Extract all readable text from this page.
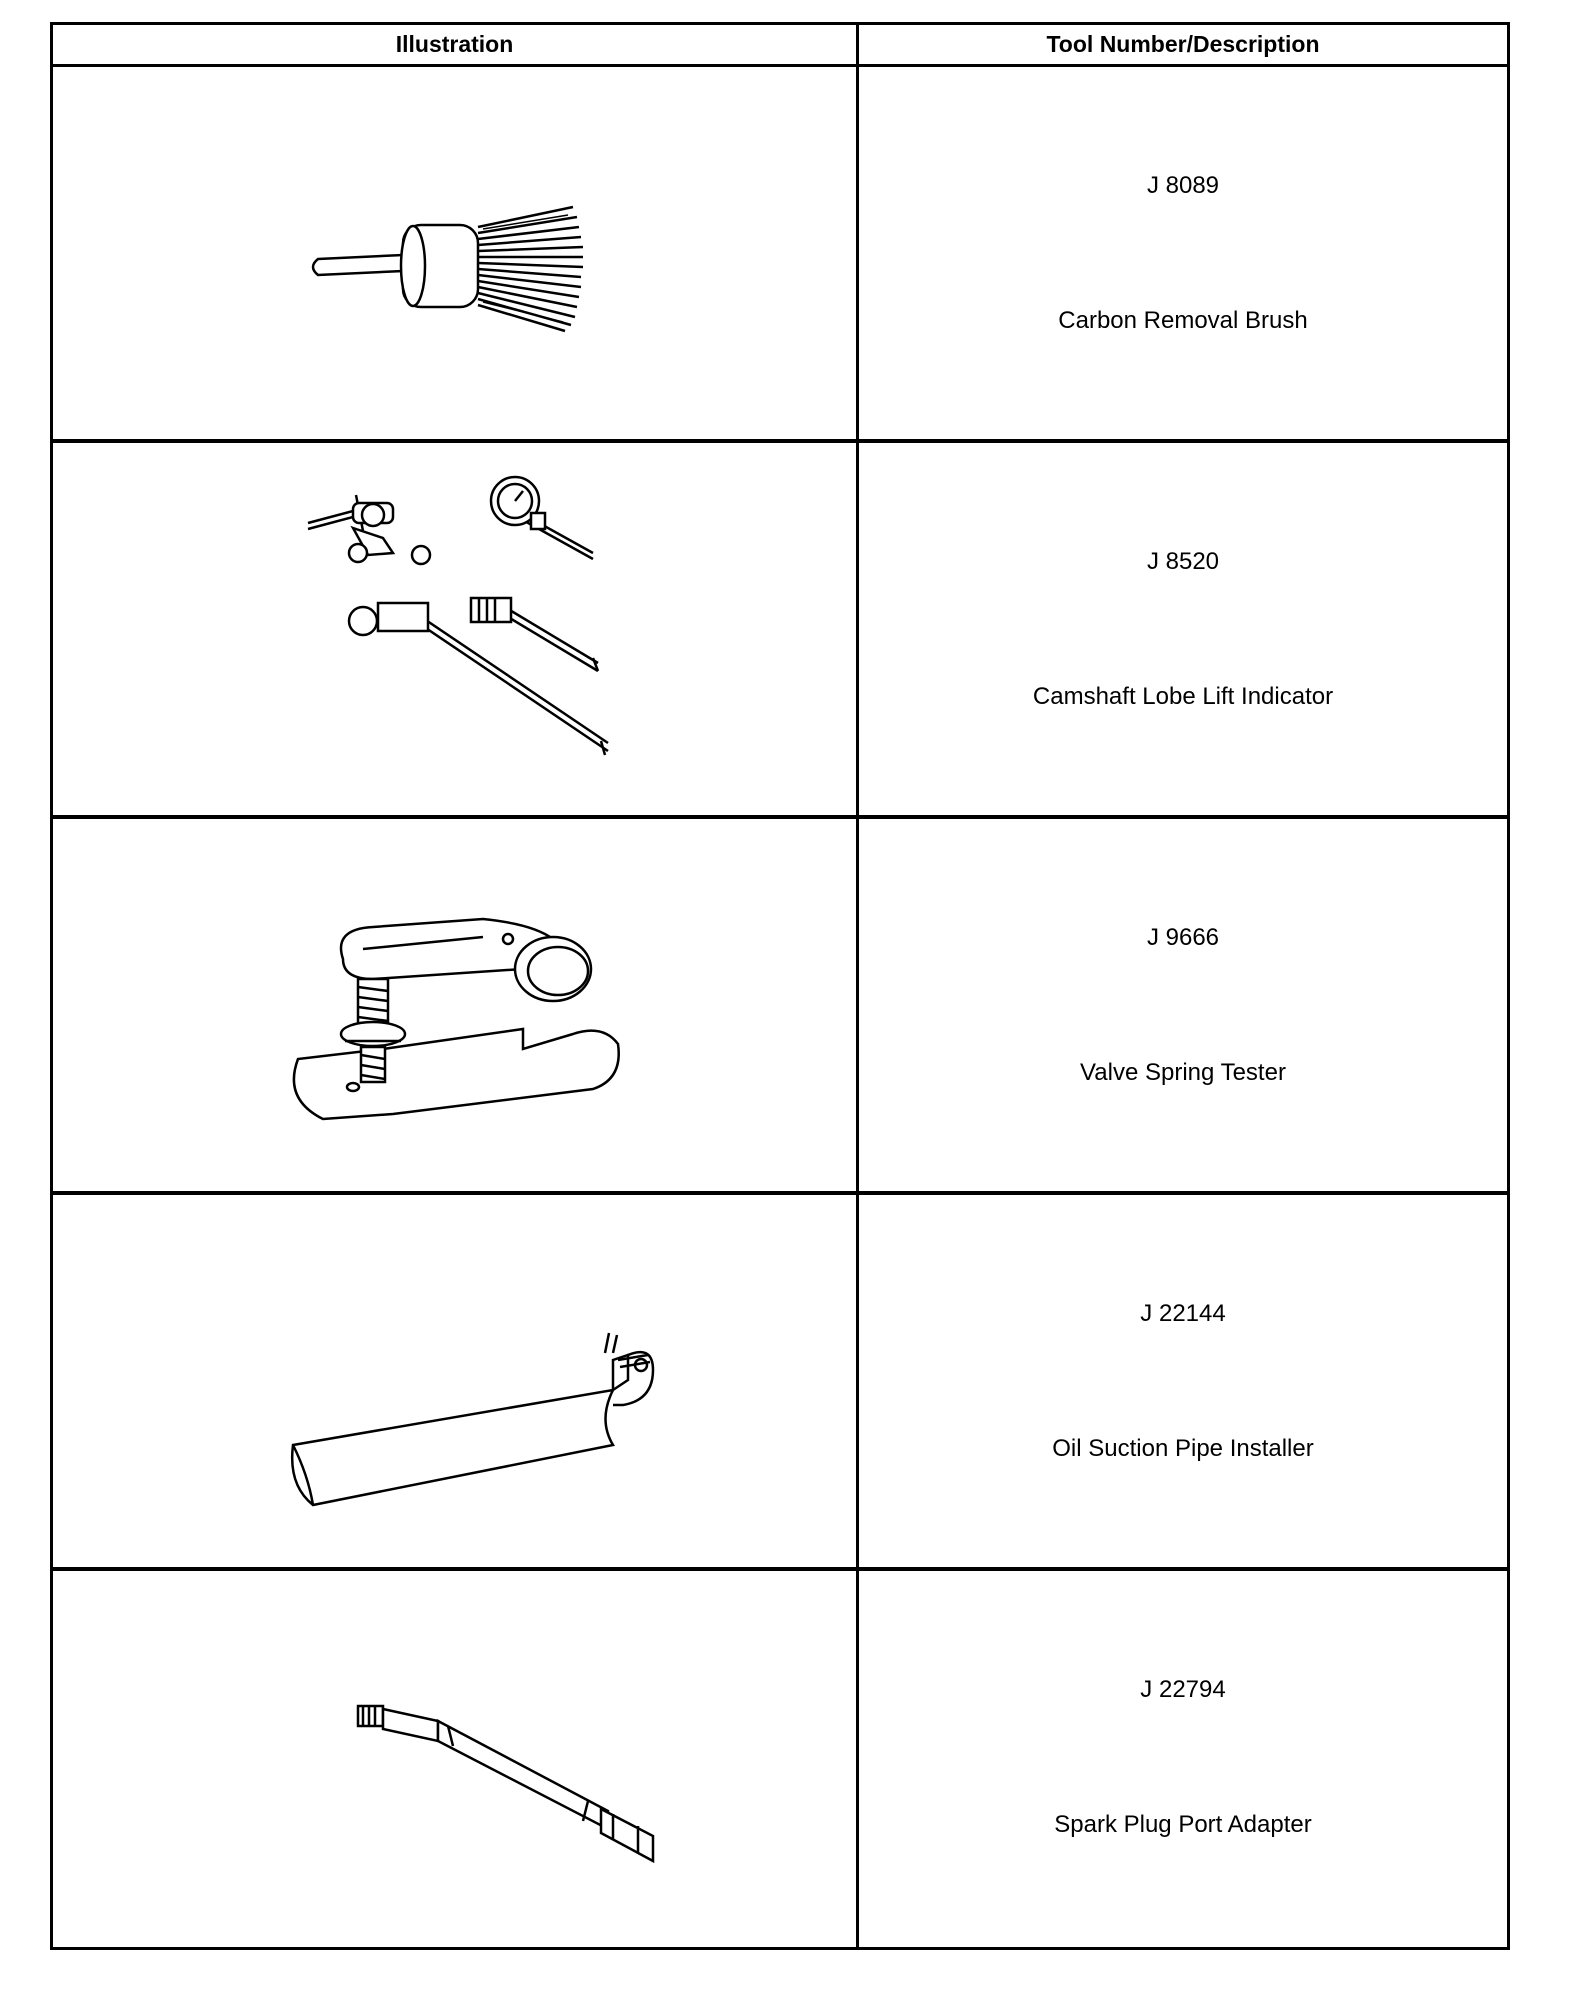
Illustration	Tool Number/Description
J 8089
Carbon Removal Brush
J 8520
Camshaft Lobe Lift Indicator
J 9666
Valve Spring Tester
J 22144
Oil Suction Pipe Installer
J 22794
Spark Plug Port Adapter
